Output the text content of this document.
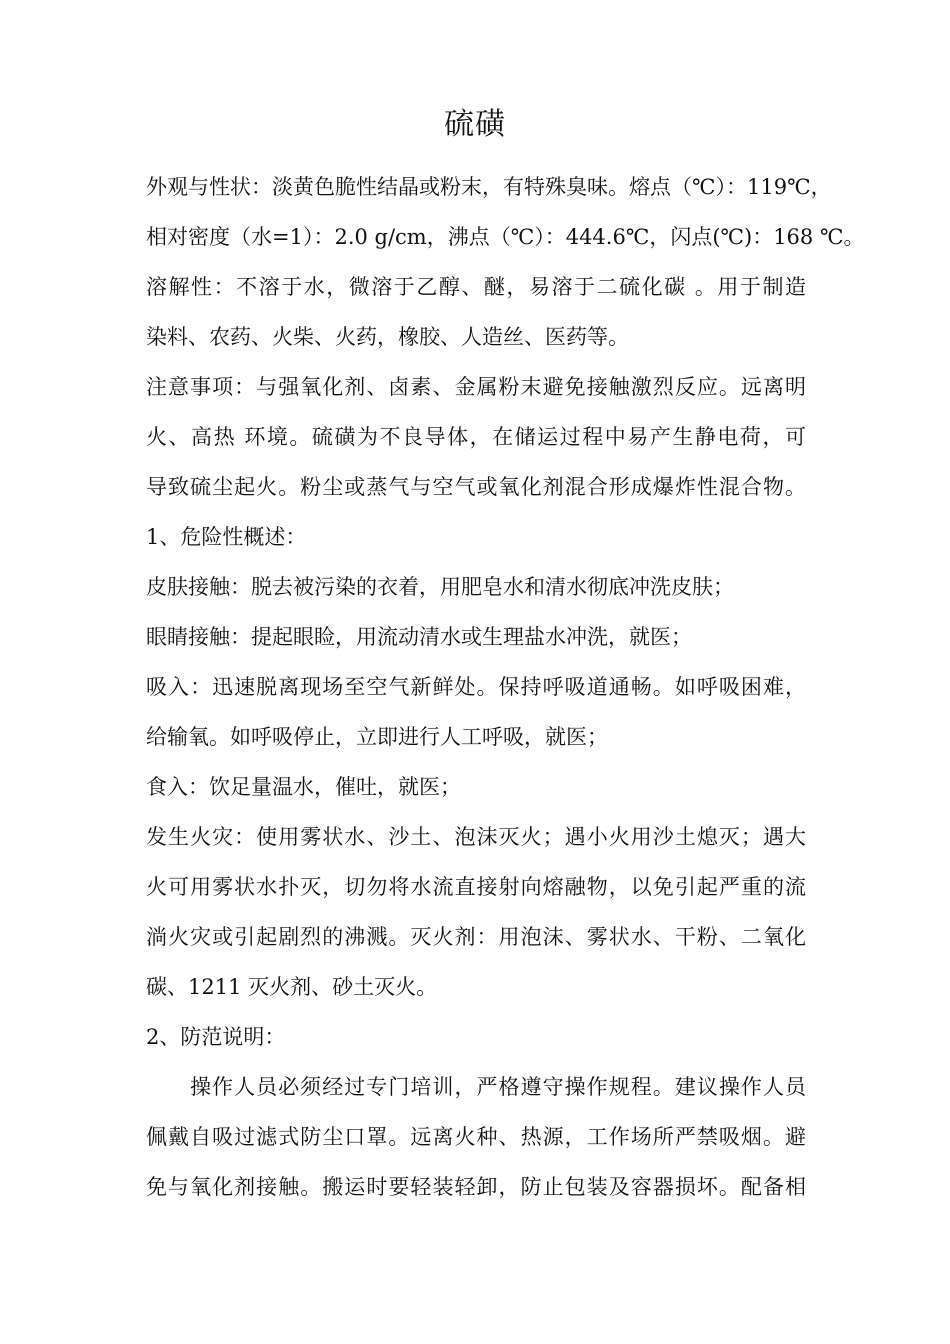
硫磺
外观与性状：淡黄色脆性结晶或粉末，有特殊臭味。熔点（℃）：119℃，
相对密度（水=1）：2.0 g/cm，沸点（℃）：444.6℃，闪点(℃)：168 ℃。
溶解性：不溶于水，微溶于乙醇、醚，易溶于二硫化碳 。用于制造
染料、农药、火柴、火药，橡胶、人造丝、医药等。
注意事项：与强氧化剂、卤素、金属粉末避免接触激烈反应。远离明
火、高热 环境。硫磺为不良导体，在储运过程中易产生静电荷，可
导致硫尘起火。粉尘或蒸气与空气或氧化剂混合形成爆炸性混合物。
1、危险性概述：
皮肤接触：脱去被污染的衣着，用肥皂水和清水彻底冲洗皮肤；
眼睛接触：提起眼睑，用流动清水或生理盐水冲洗，就医；
吸入：迅速脱离现场至空气新鲜处。保持呼吸道通畅。如呼吸困难，
给输氧。如呼吸停止，立即进行人工呼吸，就医；
食入：饮足量温水，催吐，就医；
发生火灾：使用雾状水、沙土、泡沫灭火；遇小火用沙土熄灭；遇大
火可用雾状水扑灭，切勿将水流直接射向熔融物，以免引起严重的流
淌火灾或引起剧烈的沸溅。灭火剂：用泡沫、雾状水、干粉、二氧化
碳、1211 灭火剂、砂土灭火。
2、防范说明：
操作人员必须经过专门培训，严格遵守操作规程。建议操作人员
佩戴自吸过滤式防尘口罩。远离火种、热源，工作场所严禁吸烟。避
免与氧化剂接触。搬运时要轻装轻卸，防止包装及容器损坏。配备相
